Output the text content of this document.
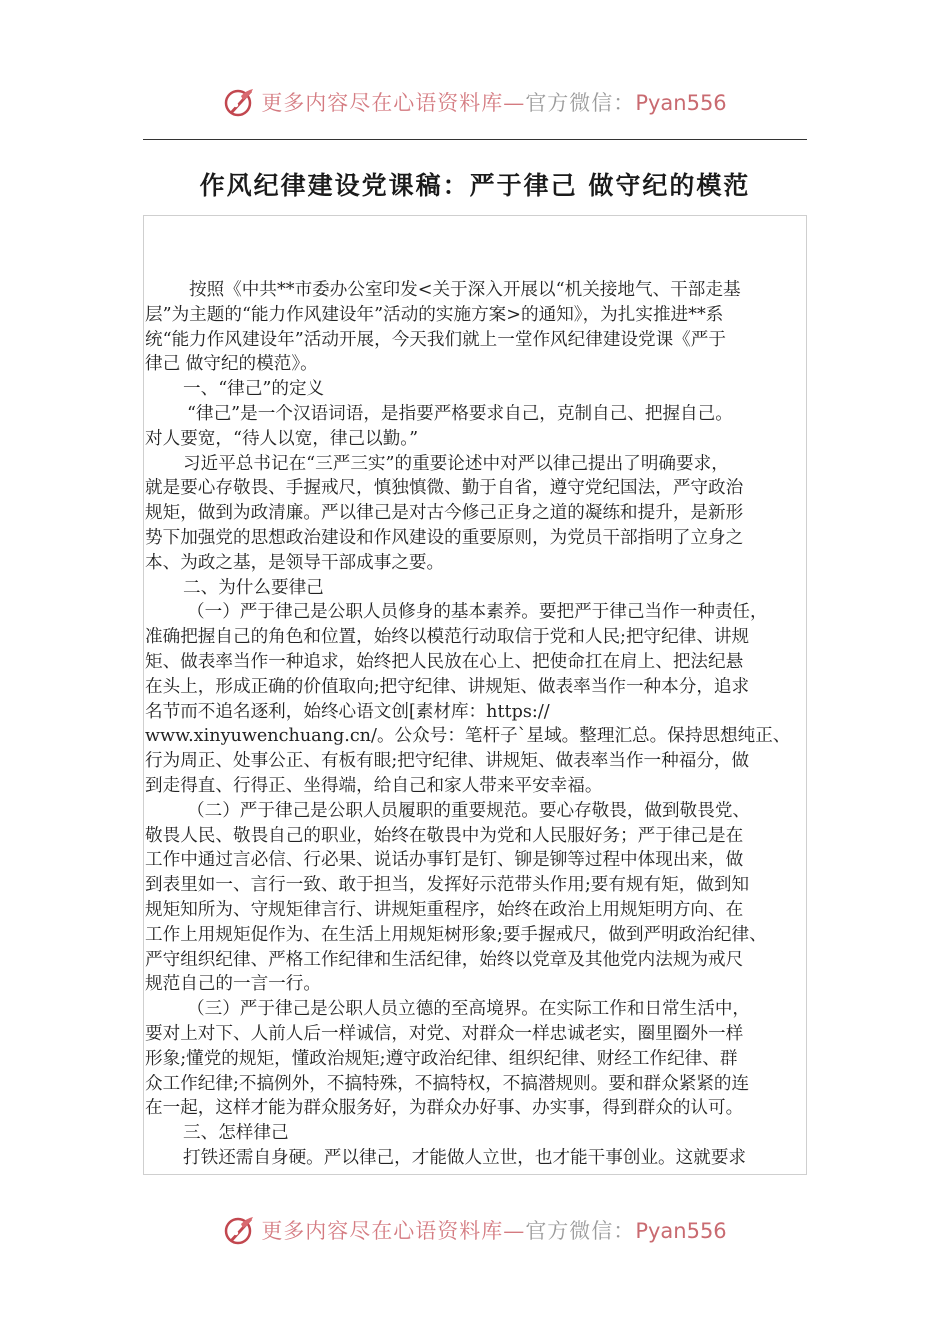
更多内容尽在心语资料库—官方微信：Pyan556
作风纪律建设党课稿：严于律己 做守纪的模范
按照《中共**市委办公室印发<关于深入开展以“机关接地气、干部走基
层”为主题的“能力作风建设年”活动的实施方案>的通知》，为扎实推进**系
统“能力作风建设年”活动开展，今天我们就上一堂作风纪律建设党课《严于
律己 做守纪的模范》。
一、“律己”的定义
“律己”是一个汉语词语，是指要严格要求自己，克制自己、把握自己。
对人要宽，“待人以宽，律己以勤。”
习近平总书记在“三严三实”的重要论述中对严以律己提出了明确要求，
就是要心存敬畏、手握戒尺，慎独慎微、勤于自省，遵守党纪国法，严守政治
规矩，做到为政清廉。严以律己是对古今修己正身之道的凝练和提升，是新形
势下加强党的思想政治建设和作风建设的重要原则，为党员干部指明了立身之
本、为政之基，是领导干部成事之要。
二、为什么要律己
（一）严于律己是公职人员修身的基本素养。要把严于律己当作一种责任，
准确把握自己的角色和位置，始终以模范行动取信于党和人民;把守纪律、讲规
矩、做表率当作一种追求，始终把人民放在心上、把使命扛在肩上、把法纪悬
在头上，形成正确的价值取向;把守纪律、讲规矩、做表率当作一种本分，追求
名节而不追名逐利，始终心语文创[素材库：https://
www.xinyuwenchuang.cn/。公众号：笔杆子`星域。整理汇总。保持思想纯正、
行为周正、处事公正、有板有眼;把守纪律、讲规矩、做表率当作一种福分，做
到走得直、行得正、坐得端，给自己和家人带来平安幸福。
（二）严于律己是公职人员履职的重要规范。要心存敬畏，做到敬畏党、
敬畏人民、敬畏自己的职业，始终在敬畏中为党和人民服好务；严于律己是在
工作中通过言必信、行必果、说话办事钉是钉、铆是铆等过程中体现出来，做
到表里如一、言行一致、敢于担当，发挥好示范带头作用;要有规有矩，做到知
规矩知所为、守规矩律言行、讲规矩重程序，始终在政治上用规矩明方向、在
工作上用规矩促作为、在生活上用规矩树形象;要手握戒尺，做到严明政治纪律、
严守组织纪律、严格工作纪律和生活纪律，始终以党章及其他党内法规为戒尺
规范自己的一言一行。
（三）严于律己是公职人员立德的至高境界。在实际工作和日常生活中，
要对上对下、人前人后一样诚信，对党、对群众一样忠诚老实，圈里圈外一样
形象;懂党的规矩，懂政治规矩;遵守政治纪律、组织纪律、财经工作纪律、群
众工作纪律;不搞例外，不搞特殊，不搞特权，不搞潜规则。要和群众紧紧的连
在一起，这样才能为群众服务好，为群众办好事、办实事，得到群众的认可。
三、怎样律己
打铁还需自身硬。严以律己，才能做人立世，也才能干事创业。这就要求
更多内容尽在心语资料库—官方微信：Pyan556
